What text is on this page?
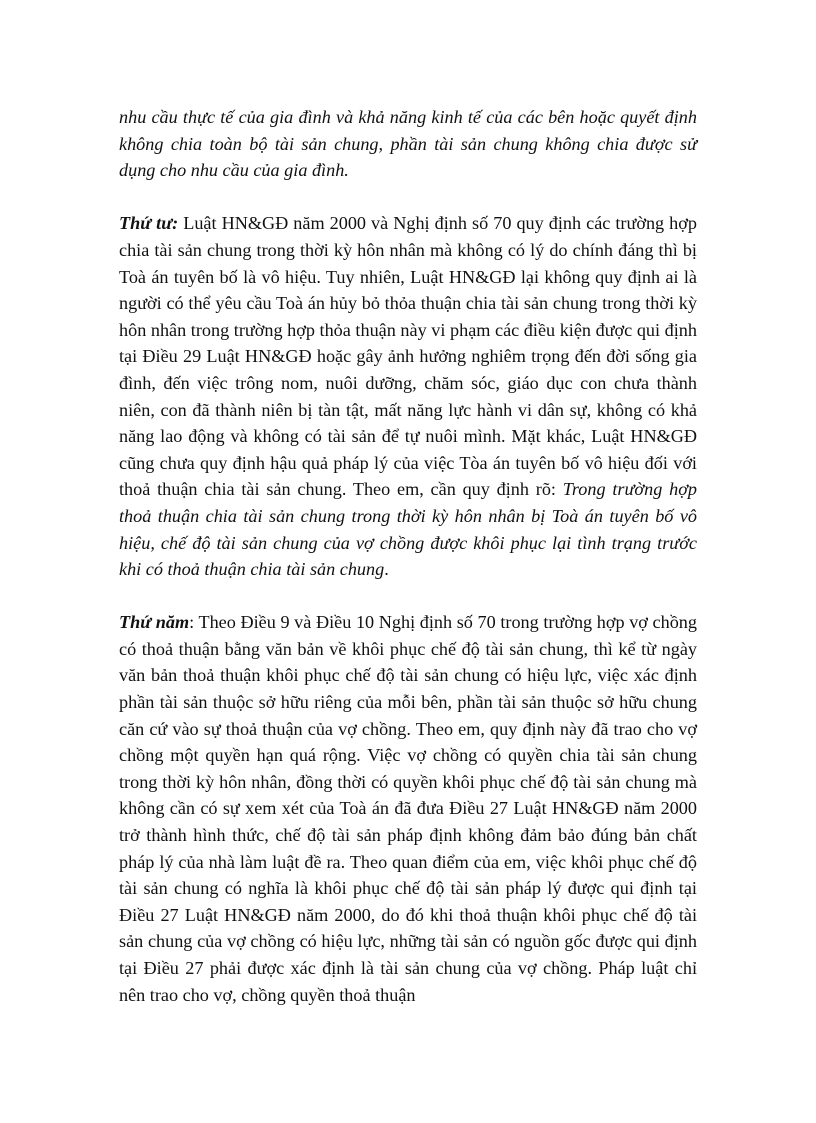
nhu cầu thực tế của gia đình và khả năng kinh tế của các bên hoặc quyết định không chia toàn bộ tài sản chung, phần tài sản chung không chia được sử dụng cho nhu cầu của gia đình.

Thứ tư: Luật HN&GĐ năm 2000 và Nghị định số 70 quy định các trường hợp chia tài sản chung trong thời kỳ hôn nhân mà không có lý do chính đáng thì bị Toà án tuyên bố là vô hiệu. Tuy nhiên, Luật HN&GĐ lại không quy định ai là người có thể yêu cầu Toà án hủy bỏ thỏa thuận chia tài sản chung trong thời kỳ hôn nhân trong trường hợp thỏa thuận này vi phạm các điều kiện được qui định tại Điều 29 Luật HN&GĐ hoặc gây ảnh hưởng nghiêm trọng đến đời sống gia đình, đến việc trông nom, nuôi dưỡng, chăm sóc, giáo dục con chưa thành niên, con đã thành niên bị tàn tật, mất năng lực hành vi dân sự, không có khả năng lao động và không có tài sản để tự nuôi mình. Mặt khác, Luật HN&GĐ cũng chưa quy định hậu quả pháp lý của việc Tòa án tuyên bố vô hiệu đối với thoả thuận chia tài sản chung. Theo em, cần quy định rõ: Trong trường hợp thoả thuận chia tài sản chung trong thời kỳ hôn nhân bị Toà án tuyên bố vô hiệu, chế độ tài sản chung của vợ chồng được khôi phục lại tình trạng trước khi có thoả thuận chia tài sản chung.

Thứ năm: Theo Điều 9 và Điều 10 Nghị định số 70 trong trường hợp vợ chồng có thoả thuận bằng văn bản về khôi phục chế độ tài sản chung, thì kể từ ngày văn bản thoả thuận khôi phục chế độ tài sản chung có hiệu lực, việc xác định phần tài sản thuộc sở hữu riêng của mỗi bên, phần tài sản thuộc sở hữu chung căn cứ vào sự thoả thuận của vợ chồng. Theo em, quy định này đã trao cho vợ chồng một quyền hạn quá rộng. Việc vợ chồng có quyền chia tài sản chung trong thời kỳ hôn nhân, đồng thời có quyền khôi phục chế độ tài sản chung mà không cần có sự xem xét của Toà án đã đưa Điều 27 Luật HN&GĐ năm 2000 trở thành hình thức, chế độ tài sản pháp định không đảm bảo đúng bản chất pháp lý của nhà làm luật đề ra. Theo quan điểm của em, việc khôi phục chế độ tài sản chung có nghĩa là khôi phục chế độ tài sản pháp lý được qui định tại Điều 27 Luật HN&GĐ năm 2000, do đó khi thoả thuận khôi phục chế độ tài sản chung của vợ chồng có hiệu lực, những tài sản có nguồn gốc được qui định tại Điều 27 phải được xác định là tài sản chung của vợ chồng. Pháp luật chỉ nên trao cho vợ, chồng quyền thoả thuận
